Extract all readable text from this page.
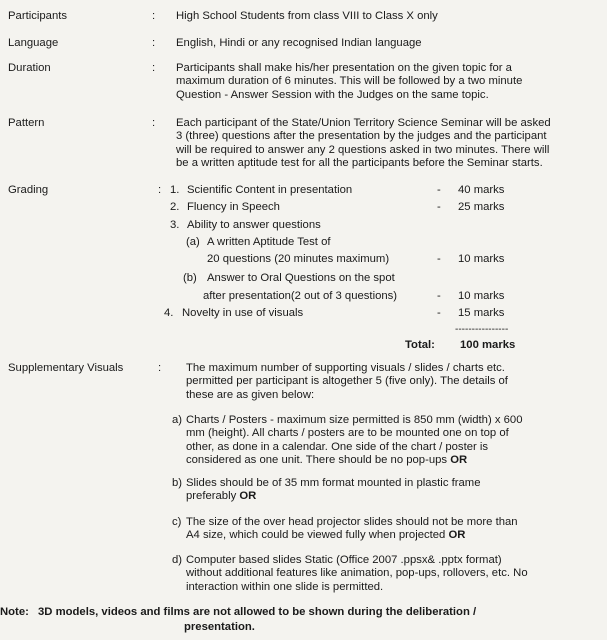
Participants	: High School Students from class VIII to Class X only
Language	: English, Hindi or any recognised Indian language
Duration	: Participants shall make his/her presentation on the given topic for a
maximum duration of 6 minutes. This will be followed by a two minute
Question - Answer Session with the Judges on the same topic.
Pattern	: Each participant of the State/Union Territory Science Seminar will be asked
3 (three) questions after the presentation by the judges and the participant
will be required to answer any 2 questions asked in two minutes. There will
be a written aptitude test for all the participants before the Seminar starts.
Grading	: 1. Scientific Content in presentation	- 40 marks
2. Fluency in Speech	- 25 marks
3. Ability to answer questions
(a) A written Aptitude Test of
20 questions (20 minutes maximum)	- 10 marks
(b) Answer to Oral Questions on the spot
after presentation(2 out of 3 questions)	- 10 marks
4. Novelty in use of visuals	- 15 marks
----------------
Total: 100 marks
Supplementary Visuals	: The maximum number of supporting visuals / slides / charts etc.
permitted per participant is altogether 5 (five only). The details of
these are as given below:
a) Charts / Posters - maximum size permitted is 850 mm (width) x 600
mm (height). All charts / posters are to be mounted one on top of
other, as done in a calendar. One side of the chart / poster is
considered as one unit. There should be no pop-ups OR
b) Slides should be of 35 mm format mounted in plastic frame
preferably OR
c) The size of the over head projector slides should not be more than
A4 size, which could be viewed fully when projected OR
d) Computer based slides Static (Office 2007 .ppsx& .pptx format)
without additional features like animation, pop-ups, rollovers, etc. No
interaction within one slide is permitted.
Note: 3D models, videos and films are not allowed to be shown during the deliberation /
presentation.
